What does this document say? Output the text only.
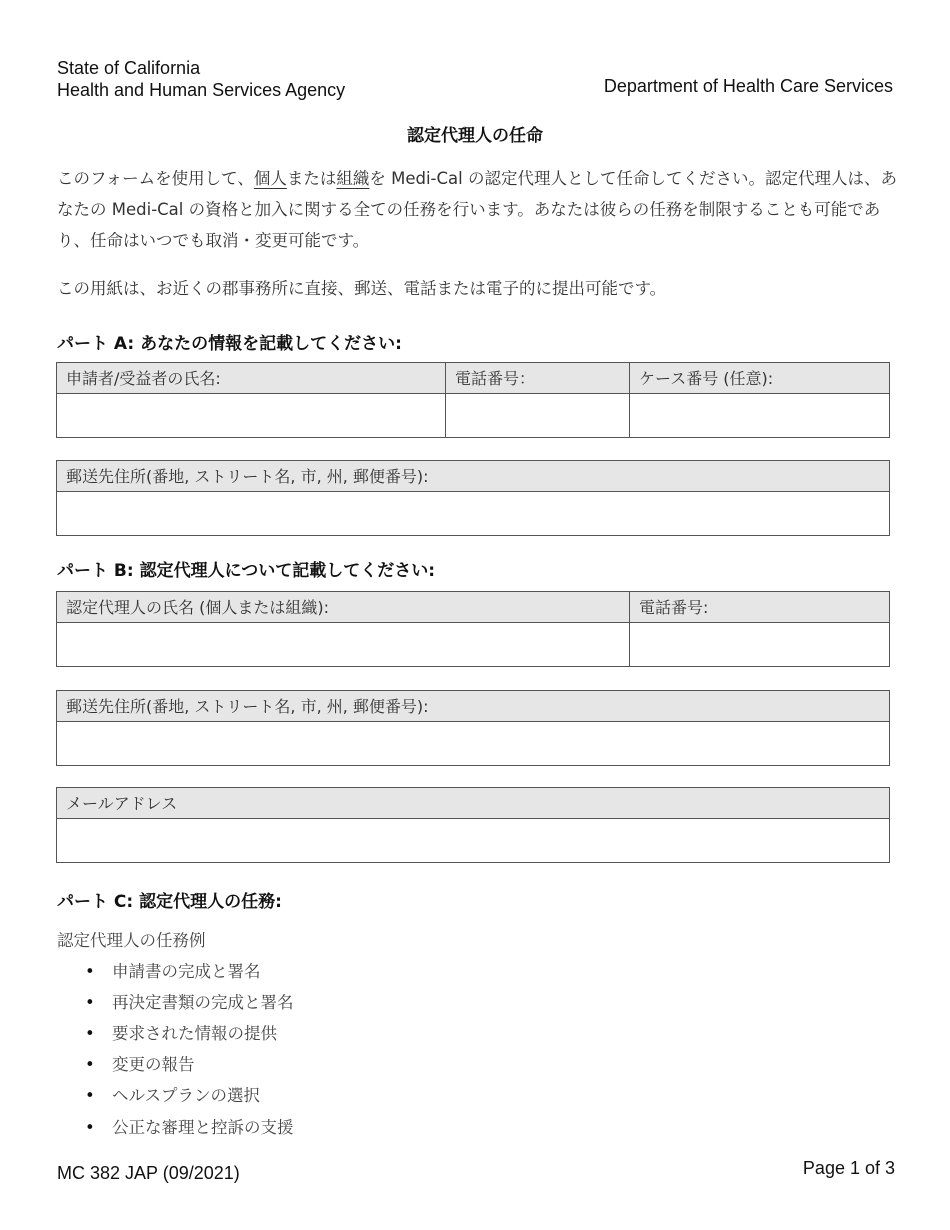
State of California
Health and Human Services Agency	Department of Health Care Services
認定代理人の任命
このフォームを使用して、個人または組織を Medi-Cal の認定代理人として任命してください。認定代理人は、あなたの Medi-Cal の資格と加入に関する全ての任務を行います。あなたは彼らの任務を制限することも可能であり、任命はいつでも取消・変更可能です。
この用紙は、お近くの郡事務所に直接、郵送、電話または電子的に提出可能です。
パート A: あなたの情報を記載してください:
申請者/受益者の氏名:	電話番号：	ケース番号 (任意):
郵送先住所(番地, ストリート名, 市, 州, 郵便番号):
パート B: 認定代理人について記載してください:
認定代理人の氏名 (個人または組織):	電話番号:
郵送先住所(番地, ストリート名, 市, 州, 郵便番号):
メールアドレス
パート C: 認定代理人の任務:
認定代理人の任務例
• 申請書の完成と署名
• 再決定書類の完成と署名
• 要求された情報の提供
• 変更の報告
• ヘルスプランの選択
• 公正な審理と控訴の支援
MC 382 JAP (09/2021)	Page 1 of 3
